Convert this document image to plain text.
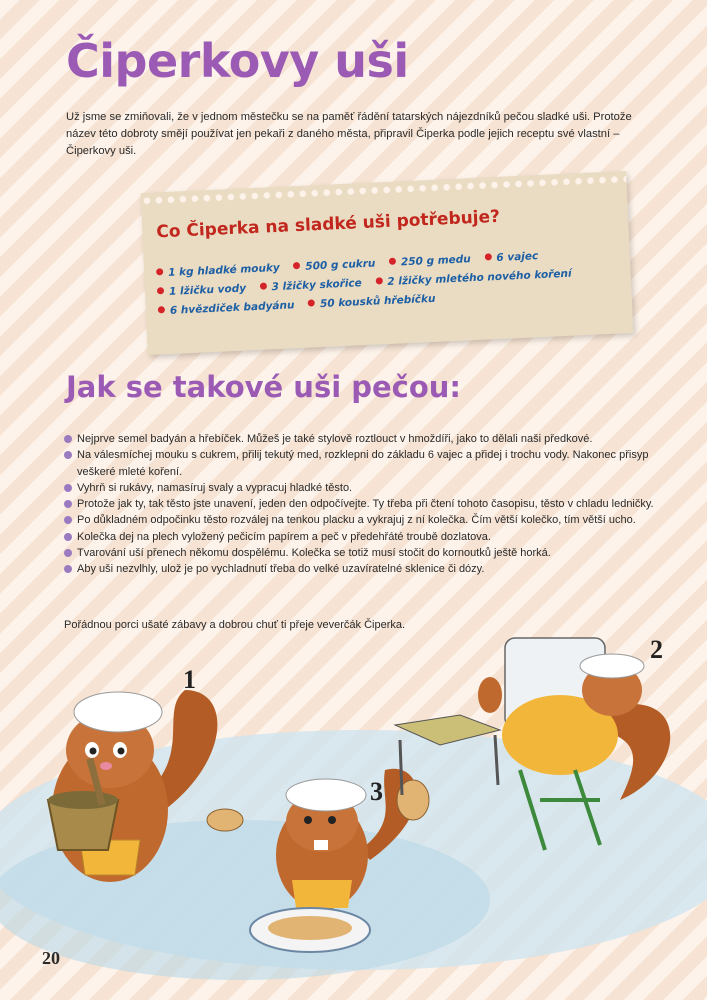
Čiperkovy uši

Už jsme se zmiňovali, že v jednom městečku se na paměť řádění tatarských nájezdníků pečou sladké uši. Protože název této dobroty smějí používat jen pekaři z daného města, připravil Čiperka podle jejich receptu své vlastní – Čiperkovy uši.

Co Čiperka na sladké uši potřebuje?
1 kg hladké mouky 500 g cukru 250 g medu 6 vajec 1 lžičku vody 3 lžičky skořice 2 lžičky mletého nového koření 6 hvězdiček badyánu 50 kousků hřebíčku
Jak se takové uši pečou:
Nejprve semel badyán a hřebíček. Můžeš je také stylově roztlouct v hmoždíři, jako to dělali naši předkové.
Na válesmíchej mouku s cukrem, přilij tekutý med, rozklepni do základu 6 vajec a přidej i trochu vody. Nakonec přisyp veškeré mleté koření.
Vyhrň si rukávy, namasíruj svaly a vypracuj hladké těsto.
Protože jak ty, tak těsto jste unavení, jeden den odpočívejte. Ty třeba při čtení tohoto časopisu, těsto v chladu ledničky.
Po důkladném odpočinku těsto rozválej na tenkou placku a vykrajuj z ní kolečka. Čím větší kolečko, tím větší ucho.
Kolečka dej na plech vyložený pečicím papírem a peč v předehřáté troubě dozlatova.
Tvarování uší přenech někomu dospělému. Kolečka se totiž musí stočit do kornoutků ještě horká.
Aby uši nezvlhly, ulož je po vychladnutí třeba do velké uzavíratelné sklenice či dózy.

Pořádnou porci ušaté zábavy a dobrou chuť ti přeje veverčák Čiperka.

1
2
3

20
